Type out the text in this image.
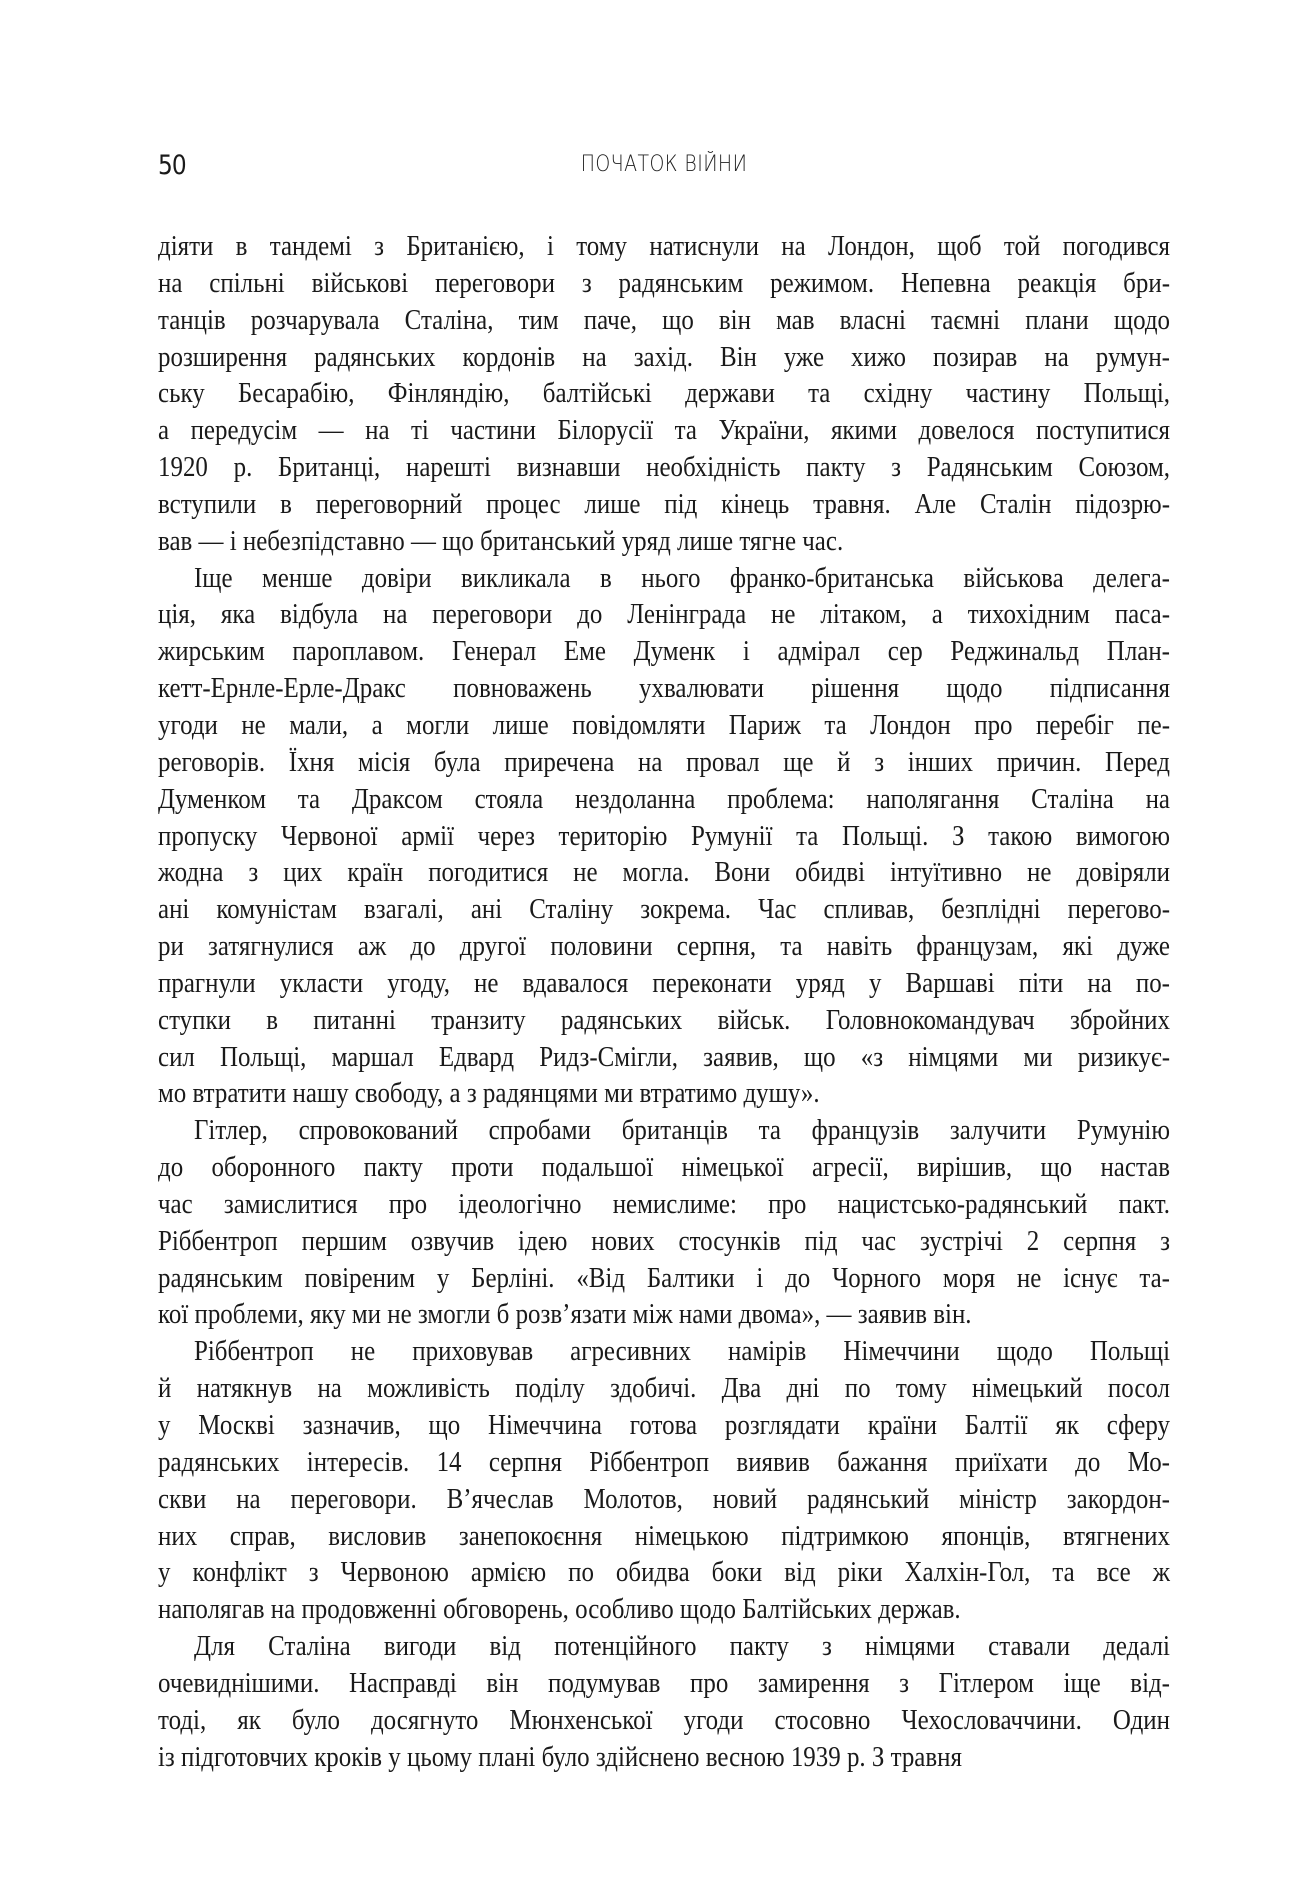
50	ПОЧАТОК ВІЙНИ
діяти в тандемі з Британією, і тому натиснули на Лондон, щоб той погодився
на спільні військові переговори з радянським режимом. Непевна реакція бри-
танців розчарувала Сталіна, тим паче, що він мав власні таємні плани щодо
розширення радянських кордонів на захід. Він уже хижо позирав на румун-
ську Бесарабію, Фінляндію, балтійські держави та східну частину Польщі,
а передусім — на ті частини Білорусії та України, якими довелося поступитися
1920 р. Британці, нарешті визнавши необхідність пакту з Радянським Союзом,
вступили в переговорний процес лише під кінець травня. Але Сталін підозрю-
вав — і небезпідставно — що британський уряд лише тягне час.
Іще менше довіри викликала в нього франко-британська військова делега-
ція, яка відбула на переговори до Ленінграда не літаком, а тихохідним паса-
жирським пароплавом. Генерал Еме Думенк і адмірал сер Реджинальд План-
кетт-Ернле-Ерле-Дракс повноважень ухвалювати рішення щодо підписання
угоди не мали, а могли лише повідомляти Париж та Лондон про перебіг пе-
реговорів. Їхня місія була приречена на провал ще й з інших причин. Перед
Думенком та Драксом стояла нездоланна проблема: наполягання Сталіна на
пропуску Червоної армії через територію Румунії та Польщі. З такою вимогою
жодна з цих країн погодитися не могла. Вони обидві інтуїтивно не довіряли
ані комуністам взагалі, ані Сталіну зокрема. Час спливав, безплідні перегово-
ри затягнулися аж до другої половини серпня, та навіть французам, які дуже
прагнули укласти угоду, не вдавалося переконати уряд у Варшаві піти на по-
ступки в питанні транзиту радянських військ. Головнокомандувач збройних
сил Польщі, маршал Едвард Ридз-Смігли, заявив, що «з німцями ми ризикує-
мо втратити нашу свободу, а з радянцями ми втратимо душу».
Гітлер, спровокований спробами британців та французів залучити Румунію
до оборонного пакту проти подальшої німецької агресії, вирішив, що настав
час замислитися про ідеологічно немислиме: про нацистсько-радянський пакт.
Ріббентроп першим озвучив ідею нових стосунків під час зустрічі 2 серпня з
радянським повіреним у Берліні. «Від Балтики і до Чорного моря не існує та-
кої проблеми, яку ми не змогли б розв’язати між нами двома», — заявив він.
Ріббентроп не приховував агресивних намірів Німеччини щодо Польщі
й натякнув на можливість поділу здобичі. Два дні по тому німецький посол
у Москві зазначив, що Німеччина готова розглядати країни Балтії як сферу
радянських інтересів. 14 серпня Ріббентроп виявив бажання приїхати до Мо-
скви на переговори. В’ячеслав Молотов, новий радянський міністр закордон-
них справ, висловив занепокоєння німецькою підтримкою японців, втягнених
у конфлікт з Червоною армією по обидва боки від ріки Халхін-Гол, та все ж
наполягав на продовженні обговорень, особливо щодо Балтійських держав.
Для Сталіна вигоди від потенційного пакту з німцями ставали дедалі
очевиднішими. Насправді він подумував про замирення з Гітлером іще від-
тоді, як було досягнуто Мюнхенської угоди стосовно Чехословаччини. Один
із підготовчих кроків у цьому плані було здійснено весною 1939 р. З травня
